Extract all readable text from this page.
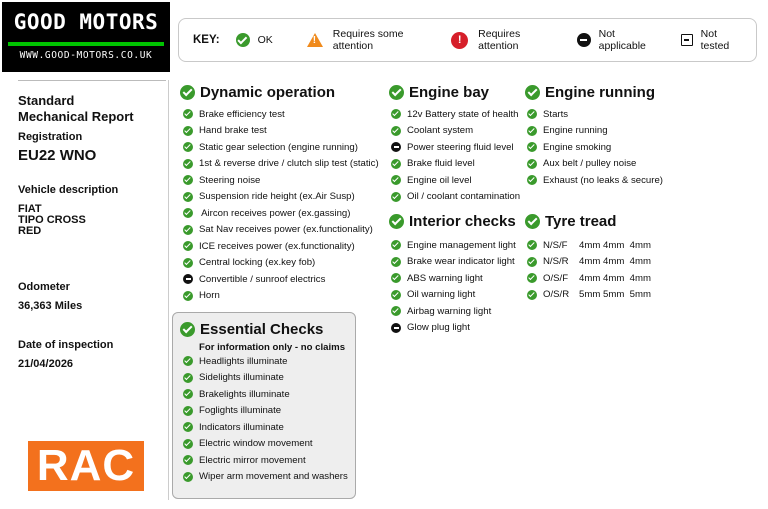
GOOD MOTORS
WWW.GOOD-MOTORS.CO.UK
KEY:	OK
!	Requires some attention
!	Requires attention
Not applicable
Not tested
Standard
Mechanical Report
Registration
EU22 WNO
Vehicle description
FIAT
TIPO CROSS
RED
Odometer
36,363 Miles
Date of inspection
21/04/2026
RAC
Dynamic operation
Brake efficiency test
Hand brake test
Static gear selection (engine running)
1st & reverse drive / clutch slip test (static)
Steering noise
Suspension ride height (ex.Air Susp)
Aircon receives power (ex.gassing)
Sat Nav receives power (ex.functionality)
ICE receives power (ex.functionality)
Central locking (ex.key fob)
Convertible / sunroof electrics
Horn
Essential Checks
For information only - no claims
Headlights illuminate
Sidelights illuminate
Brakelights illuminate
Foglights illuminate
Indicators illuminate
Electric window movement
Electric mirror movement
Wiper arm movement and washers
Engine bay
12v Battery state of health
Coolant system
Power steering fluid level
Brake fluid level
Engine oil level
Oil / coolant contamination
Interior checks
Engine management light
Brake wear indicator light
ABS warning light
Oil warning light
Airbag warning light
Glow plug light
Engine running
Starts
Engine running
Engine smoking
Aux belt / pulley noise
Exhaust (no leaks & secure)
Tyre tread
N/S/F 4mm 4mm  4mm
N/S/R 4mm 4mm  4mm
O/S/F 4mm 4mm  4mm
O/S/R 5mm 5mm  5mm
